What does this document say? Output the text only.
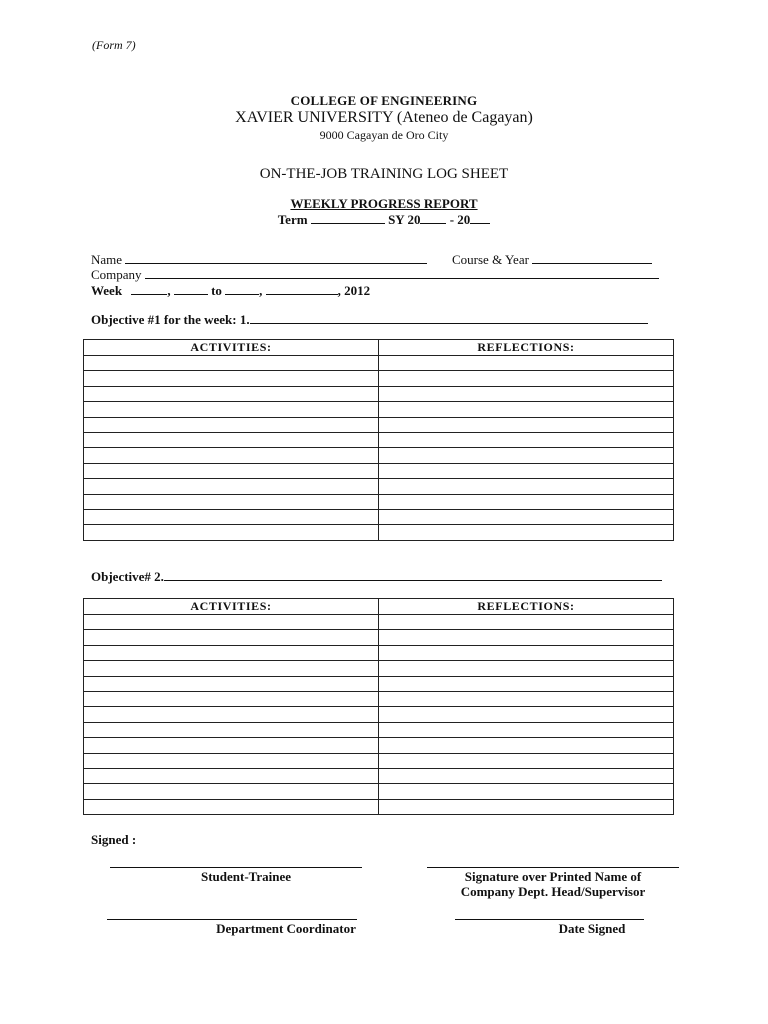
(Form 7)
COLLEGE OF ENGINEERING
XAVIER UNIVERSITY (Ateneo de Cagayan)
9000 Cagayan de Oro City
ON-THE-JOB TRAINING LOG SHEET
WEEKLY PROGRESS REPORT
Term	SY 20 - 20
Name	Course & Year
Company
Week	,	to	,	, 2012
Objective #1 for the week: 1.
ACTIVITIES:	REFLECTIONS:

Objective# 2.
ACTIVITIES:	REFLECTIONS:

Signed :
Student-Trainee	Signature over Printed Name of
Company Dept. Head/Supervisor
Department Coordinator	Date Signed
